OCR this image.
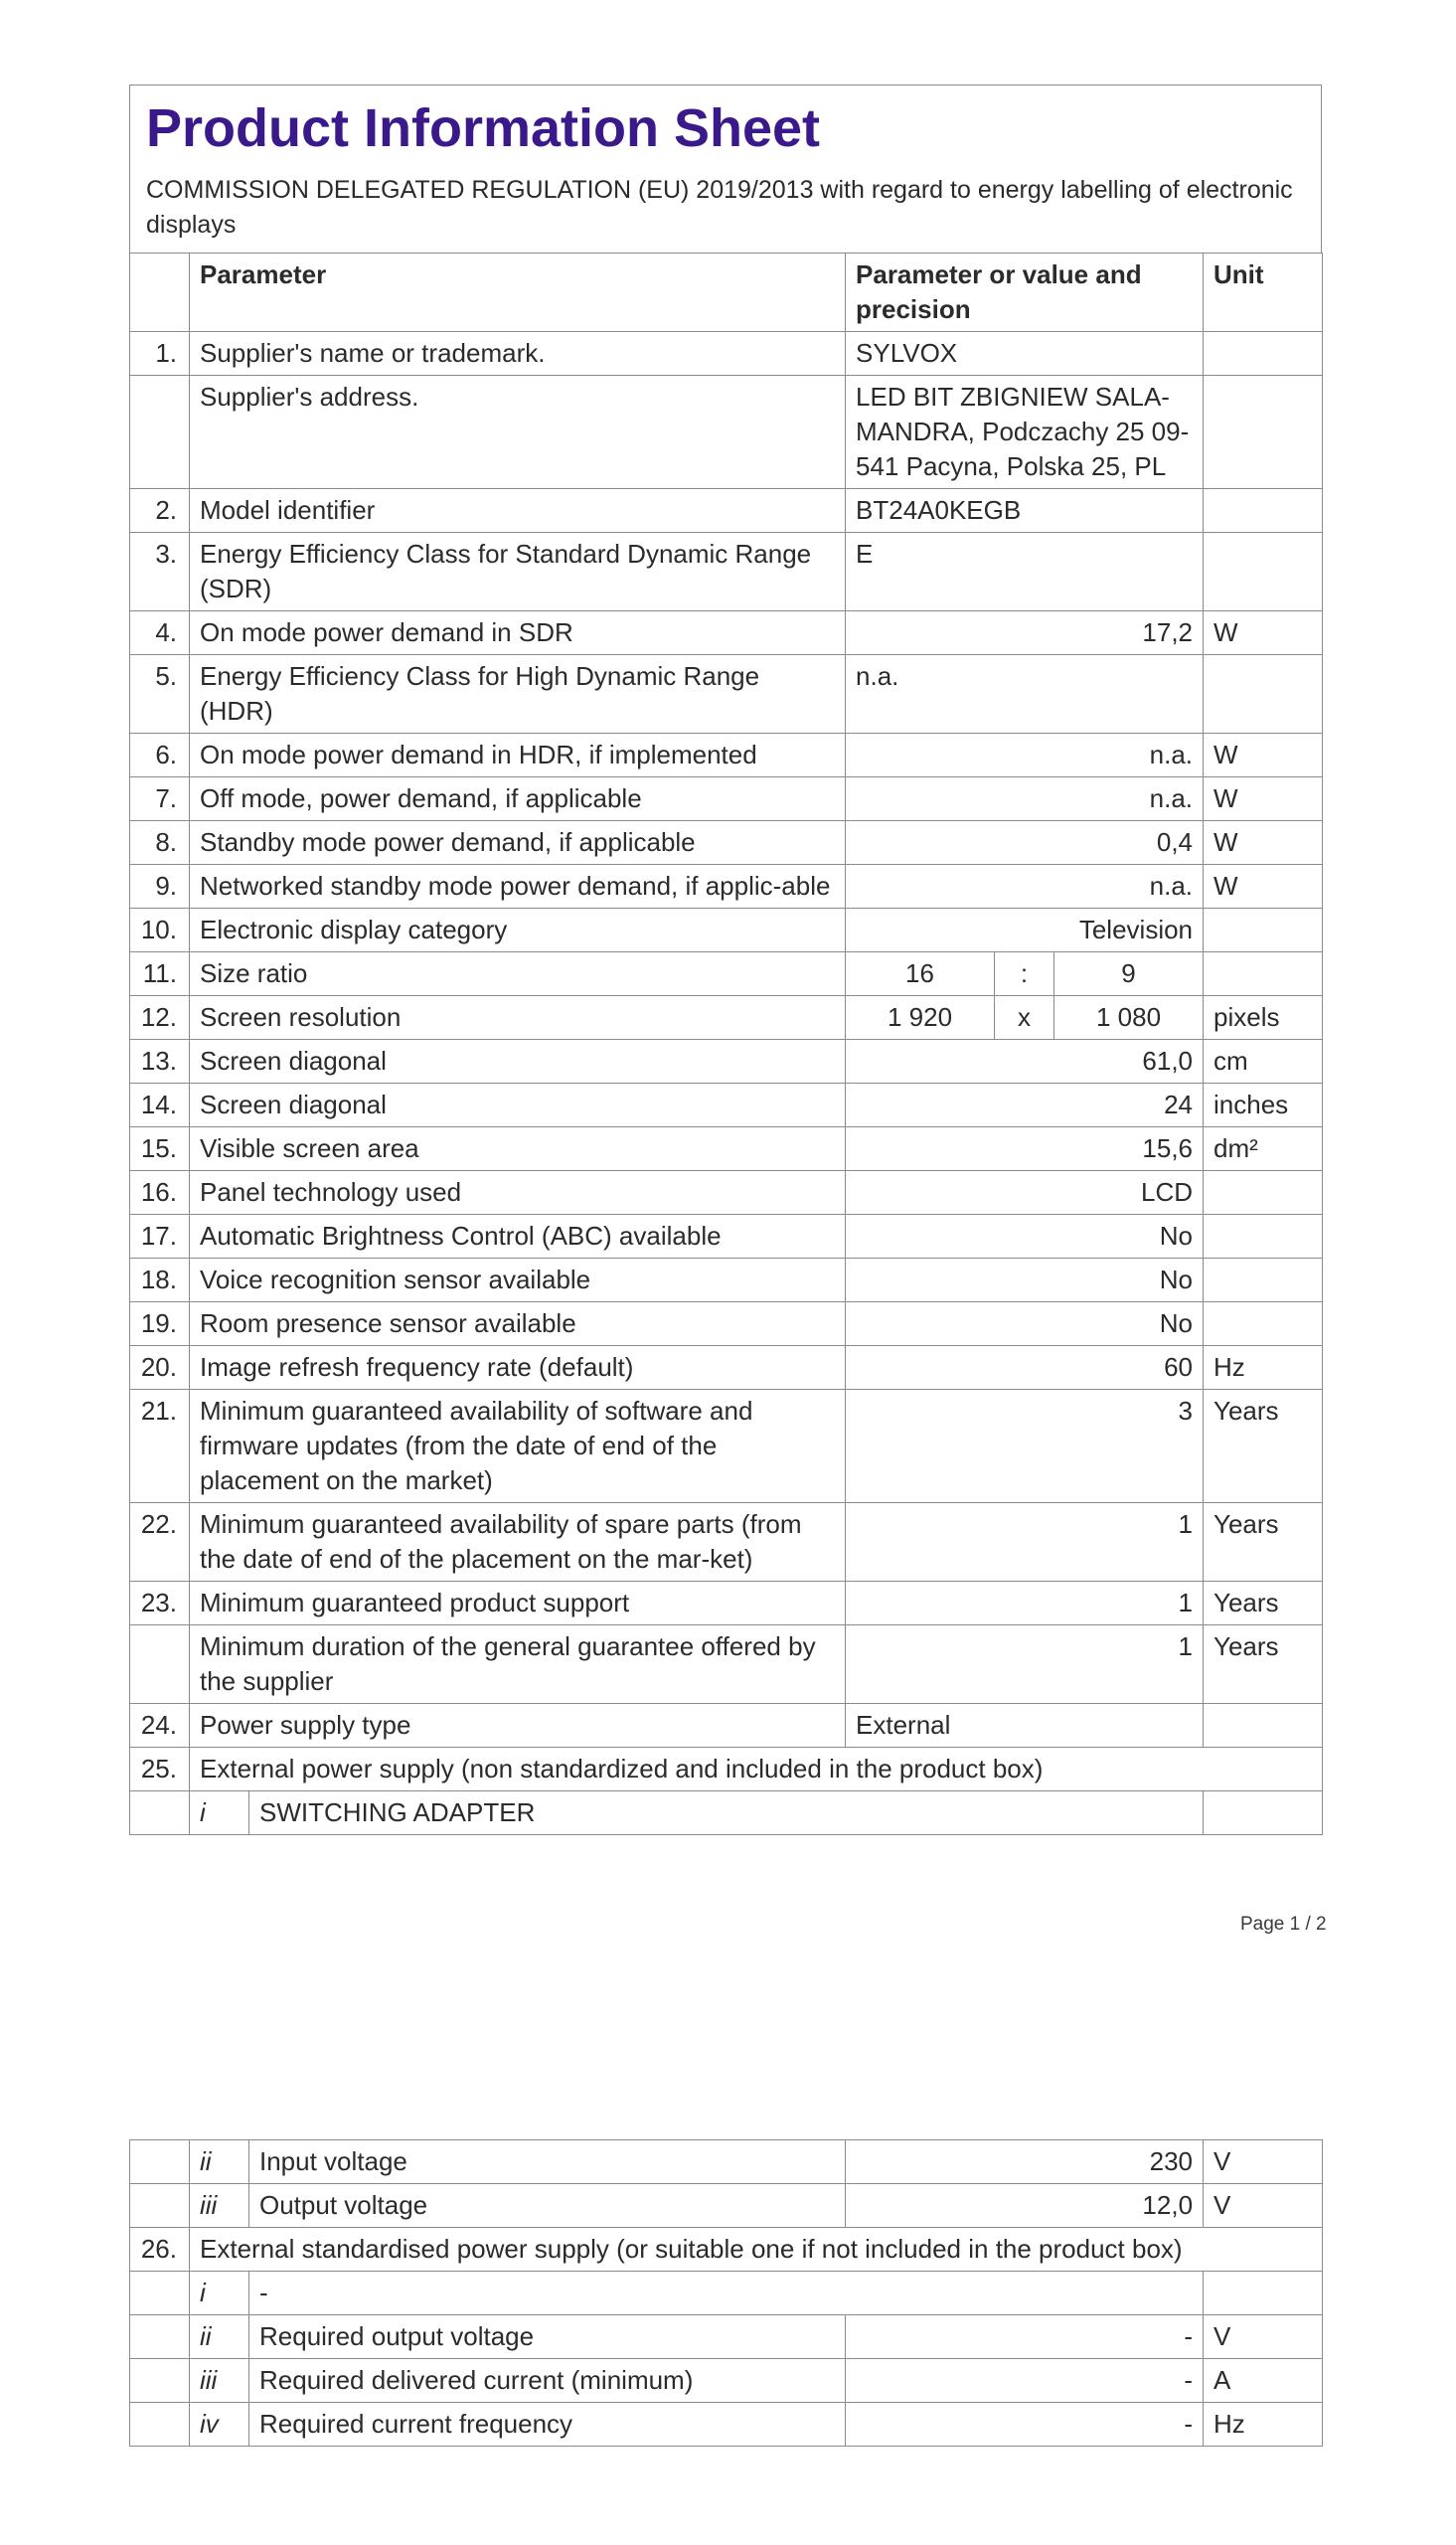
Product Information Sheet
COMMISSION DELEGATED REGULATION (EU) 2019/2013 with regard to energy labelling of electronic displays
	Parameter		Parameter or value and precision			Unit
1.	Supplier's name or trademark.		SYLVOX			
	Supplier's address.		LED BIT ZBIGNIEW SALA-MANDRA, Podczachy 25 09-541 Pacyna, Polska 25, PL			
2.	Model identifier		BT24A0KEGB			
3.	Energy Efficiency Class for Standard Dynamic Range (SDR)		E			
4.	On mode power demand in SDR		17,2			W
5.	Energy Efficiency Class for High Dynamic Range (HDR)		n.a.			
6.	On mode power demand in HDR, if implemented		n.a.			W
7.	Off mode, power demand, if applicable		n.a.			W
8.	Standby mode power demand, if applicable		0,4			W
9.	Networked standby mode power demand, if applic-able		n.a.			W
10.	Electronic display category		Television			
11.	Size ratio		16	:	9	
12.	Screen resolution		1 920	x	1 080	pixels
13.	Screen diagonal		61,0			cm
14.	Screen diagonal		24			inches
15.	Visible screen area		15,6			dm²
16.	Panel technology used		LCD			
17.	Automatic Brightness Control (ABC) available		No			
18.	Voice recognition sensor available		No			
19.	Room presence sensor available		No			
20.	Image refresh frequency rate (default)		60			Hz
21.	Minimum guaranteed availability of software and firmware updates (from the date of end of the placement on the market)		3			Years
22.	Minimum guaranteed availability of spare parts (from the date of end of the placement on the mar-ket)		1			Years
23.	Minimum guaranteed product support		1			Years
	Minimum duration of the general guarantee offered by the supplier		1			Years
24.	Power supply type		External			
25.	External power supply (non standardized and included in the product box)					
	i	SWITCHING ADAPTER				
Page 1 / 2
	ii	Input voltage	230	V
	iii	Output voltage	12,0	V
26.	External standardised power supply (or suitable one if not included in the product box)			
	i	-		
	ii	Required output voltage	-	V
	iii	Required delivered current (minimum)	-	A
	iv	Required current frequency	-	Hz
